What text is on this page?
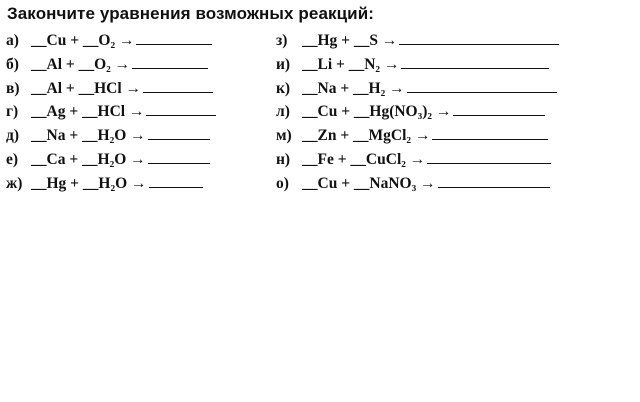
Закончите уравнения возможных реакций:
а) __Cu + __O₂ →
б) __Al + __O₂ →
в) __Al + __HCl →
г) __Ag + __HCl →
д) __Na + __H₂O →
е) __Ca + __H₂O →
ж) __Hg + __H₂O →
з) __Hg + __S →
и) __Li + __N₂ →
к) __Na + __H₂ →
л) __Cu + __Hg(NO₃)₂ →
м) __Zn + __MgCl₂ →
н) __Fe + __CuCl₂ →
о) __Cu + __NaNO₃ →
